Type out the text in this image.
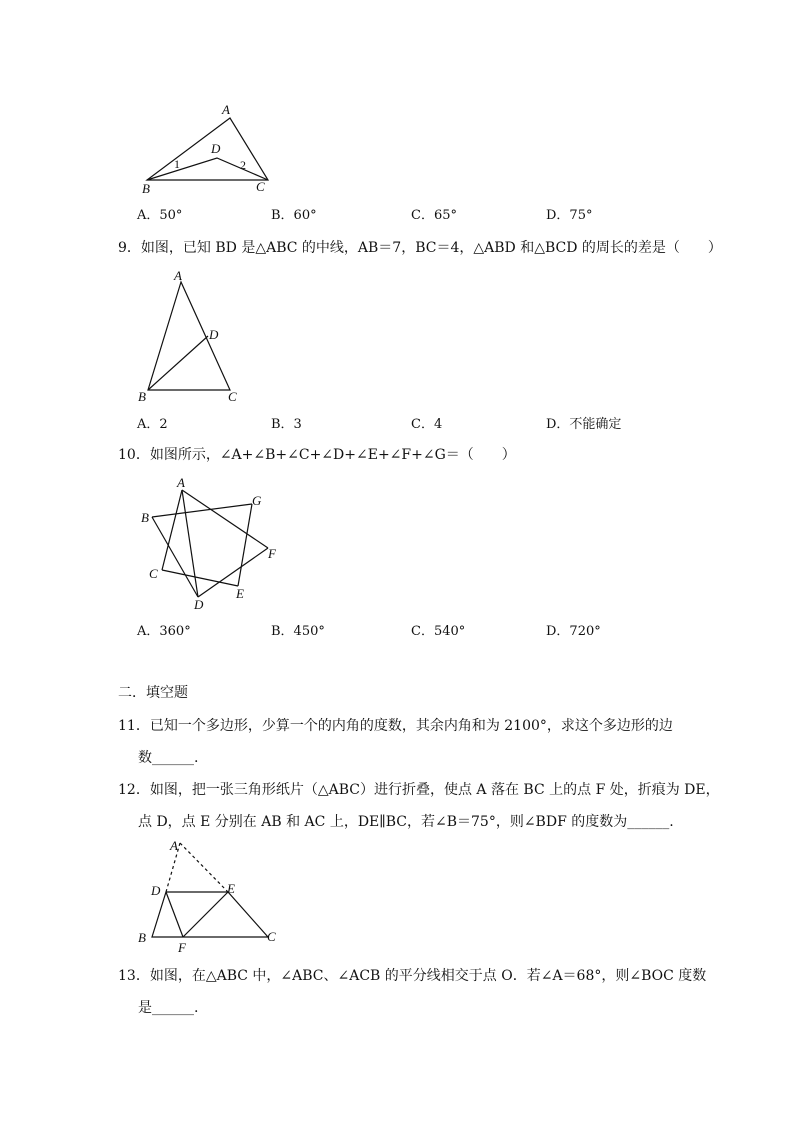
A
B	C
D
1	2
A．50°	B．60°	C．65°	D．75°
9．如图，已知 BD 是△ABC 的中线，AB＝7，BC＝4，△ABD 和△BCD 的周长的差是（　　）
A
B	C
D
A．2	B．3	C．4	D．不能确定
10．如图所示，∠A+∠B+∠C+∠D+∠E+∠F+∠G＝（　　）
A
B
C
D
E
F
G
A．360°	B．450°	C．540°	D．720°
二．填空题
11．已知一个多边形，少算一个的内角的度数，其余内角和为 2100°，求这个多边形的边
数______.
12．如图，把一张三角形纸片（△ABC）进行折叠，使点 A 落在 BC 上的点 F 处，折痕为 DE，
点 D，点 E 分别在 AB 和 AC 上，DE∥BC，若∠B＝75°，则∠BDF 的度数为______.
A
B	C
D	E
F
13．如图，在△ABC 中，∠ABC、∠ACB 的平分线相交于点 O．若∠A＝68°，则∠BOC 度数
是______.
